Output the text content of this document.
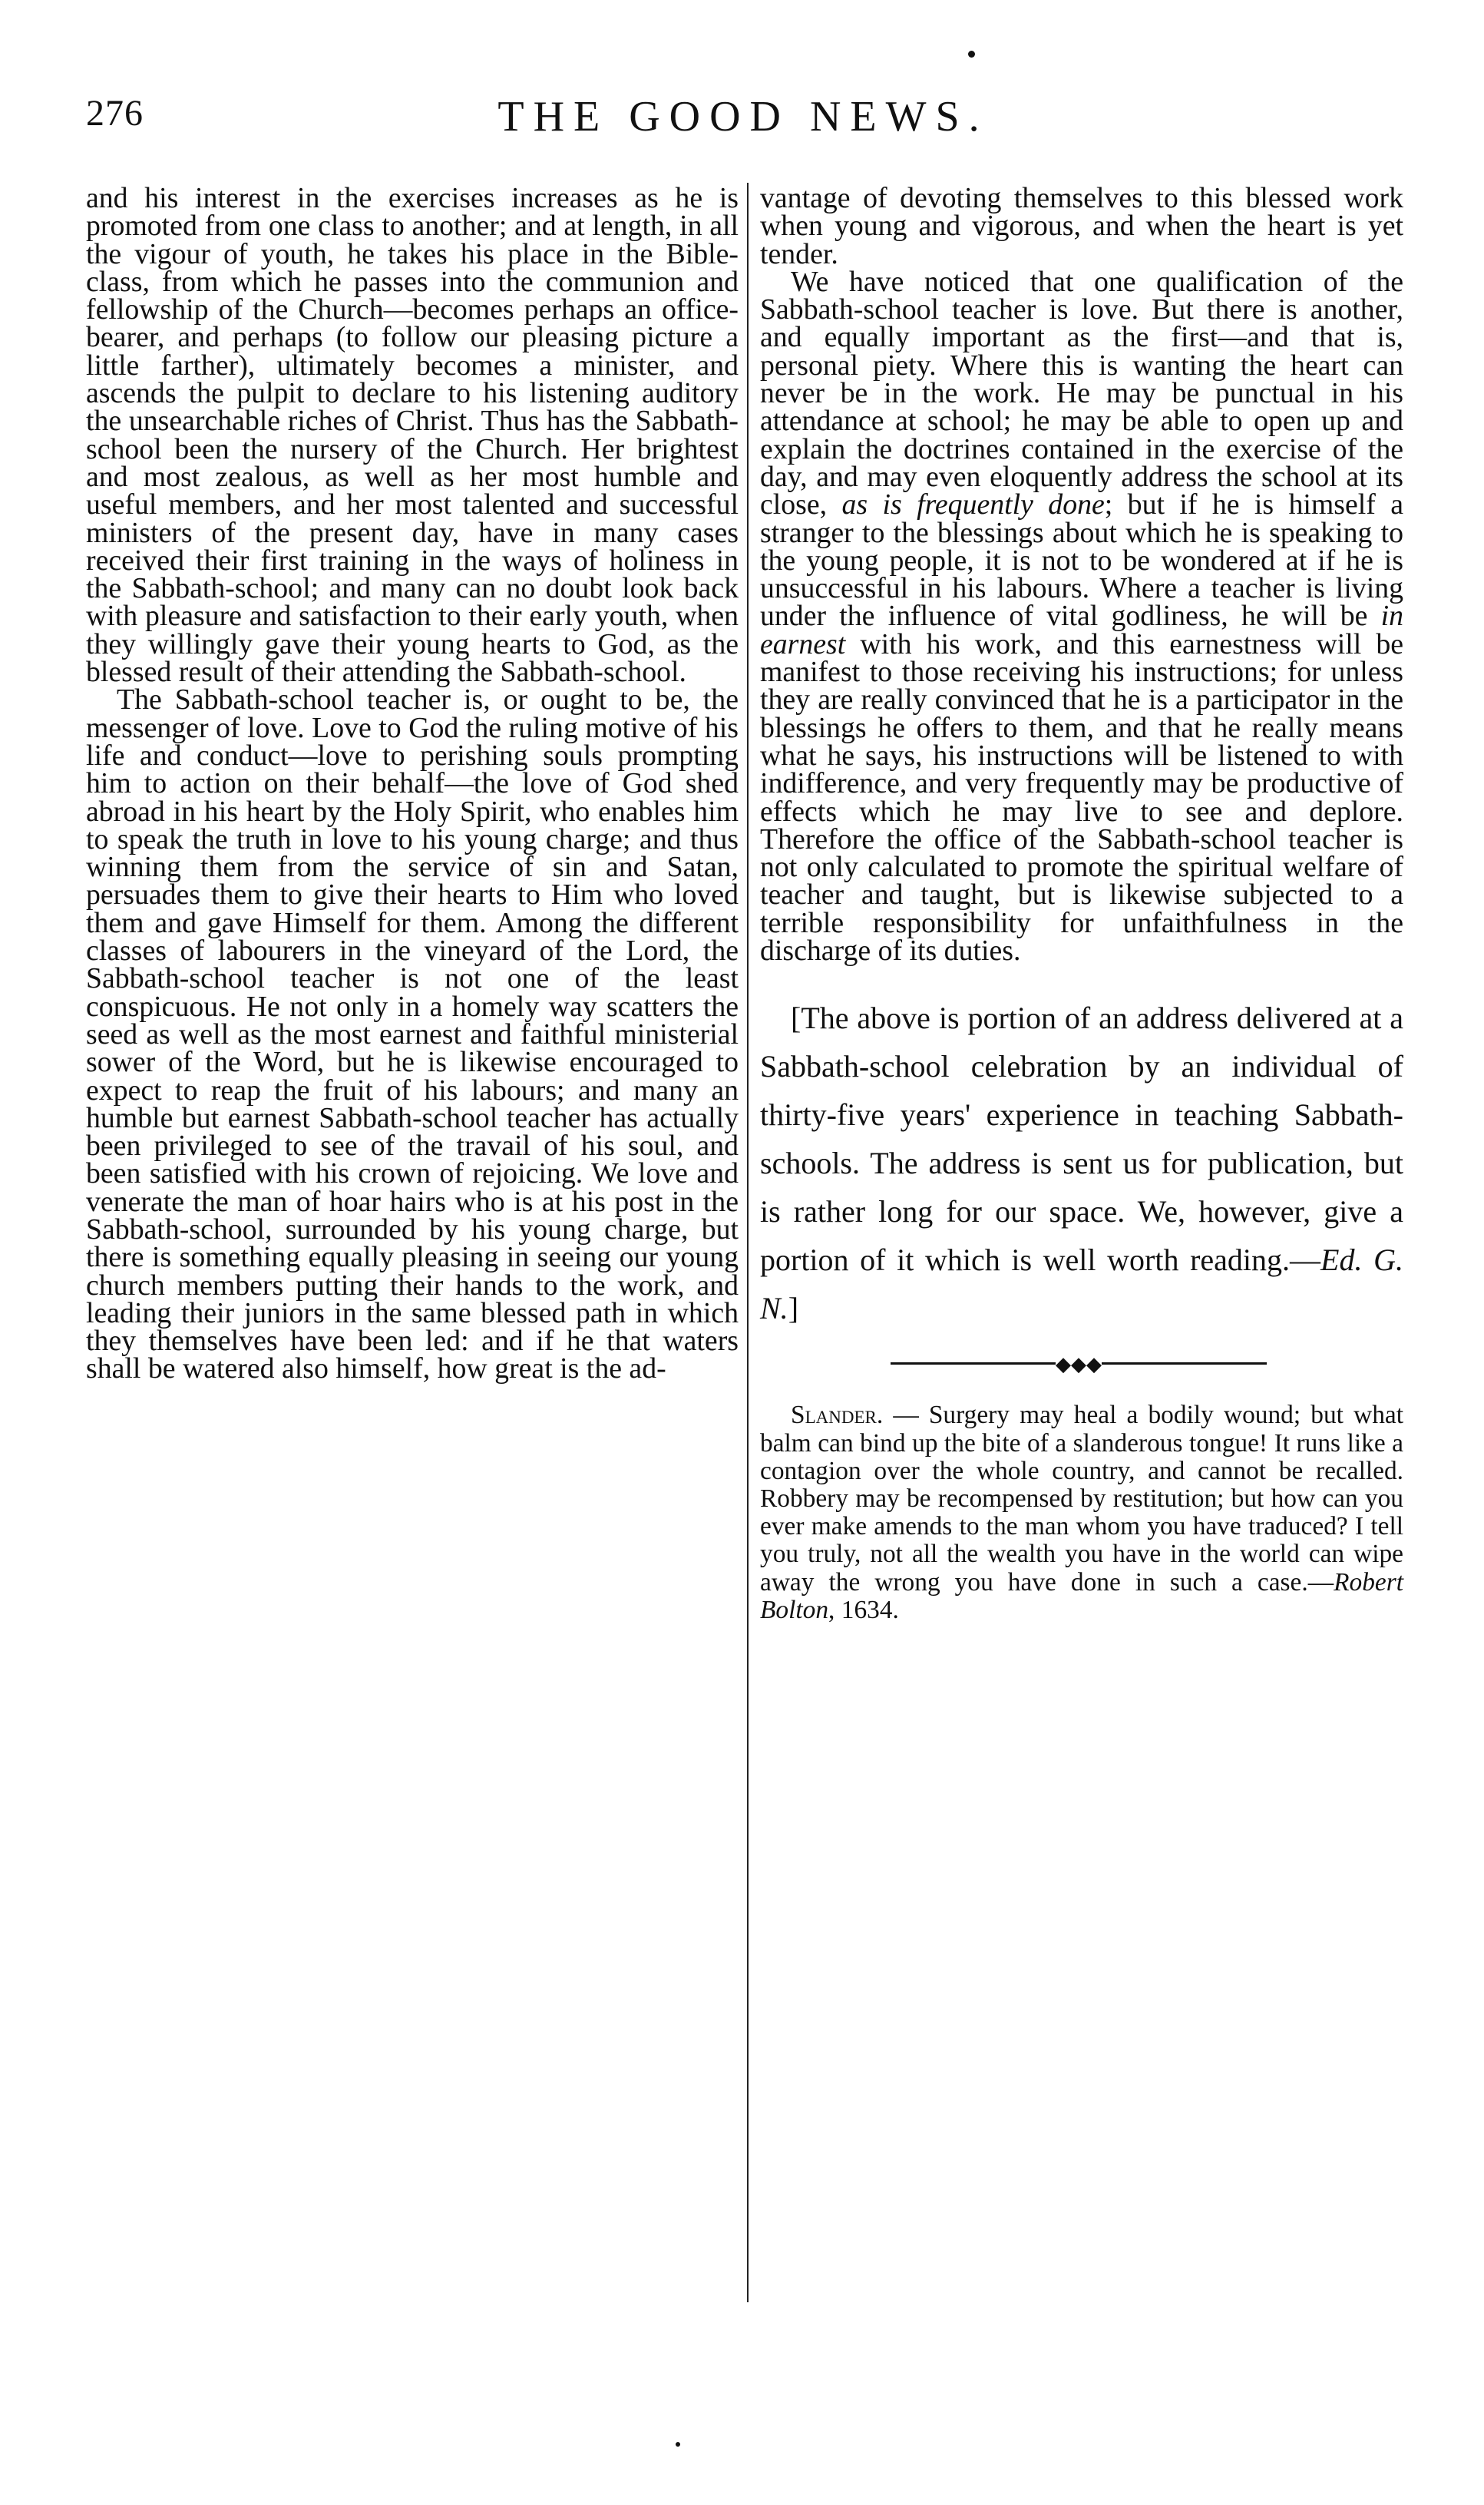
276	THE GOOD NEWS.

and his interest in the exercises increases as he is promoted from one class to another; and at length, in all the vigour of youth, he takes his place in the Bible-class, from which he passes into the communion and fellowship of the Church—becomes perhaps an office-bearer, and perhaps (to follow our pleasing picture a little farther), ultimately becomes a minister, and ascends the pulpit to declare to his listening auditory the unsearchable riches of Christ. Thus has the Sabbath-school been the nursery of the Church. Her brightest and most zealous, as well as her most humble and useful members, and her most talented and successful ministers of the present day, have in many cases received their first training in the ways of holiness in the Sabbath-school; and many can no doubt look back with pleasure and satisfaction to their early youth, when they willingly gave their young hearts to God, as the blessed result of their attending the Sabbath-school.

The Sabbath-school teacher is, or ought to be, the messenger of love. Love to God the ruling motive of his life and conduct—love to perishing souls prompting him to action on their behalf—the love of God shed abroad in his heart by the Holy Spirit, who enables him to speak the truth in love to his young charge; and thus winning them from the service of sin and Satan, persuades them to give their hearts to Him who loved them and gave Himself for them. Among the different classes of labourers in the vineyard of the Lord, the Sabbath-school teacher is not one of the least conspicuous. He not only in a homely way scatters the seed as well as the most earnest and faithful ministerial sower of the Word, but he is likewise encouraged to expect to reap the fruit of his labours; and many an humble but earnest Sabbath-school teacher has actually been privileged to see of the travail of his soul, and been satisfied with his crown of rejoicing. We love and venerate the man of hoar hairs who is at his post in the Sabbath-school, surrounded by his young charge, but there is something equally pleasing in seeing our young church members putting their hands to the work, and leading their juniors in the same blessed path in which they themselves have been led: and if he that waters shall be watered also himself, how great is the ad-

vantage of devoting themselves to this blessed work when young and vigorous, and when the heart is yet tender.

We have noticed that one qualification of the Sabbath-school teacher is love. But there is another, and equally important as the first—and that is, personal piety. Where this is wanting the heart can never be in the work. He may be punctual in his attendance at school; he may be able to open up and explain the doctrines contained in the exercise of the day, and may even eloquently address the school at its close, as is frequently done; but if he is himself a stranger to the blessings about which he is speaking to the young people, it is not to be wondered at if he is unsuccessful in his labours. Where a teacher is living under the influence of vital godliness, he will be in earnest with his work, and this earnestness will be manifest to those receiving his instructions; for unless they are really convinced that he is a participator in the blessings he offers to them, and that he really means what he says, his instructions will be listened to with indifference, and very frequently may be productive of effects which he may live to see and deplore. Therefore the office of the Sabbath-school teacher is not only calculated to promote the spiritual welfare of teacher and taught, but is likewise subjected to a terrible responsibility for unfaithfulness in the discharge of its duties.

[The above is portion of an address delivered at a Sabbath-school celebration by an individual of thirty-five years' experience in teaching Sabbath-schools. The address is sent us for publication, but is rather long for our space. We, however, give a portion of it which is well worth reading.—Ed. G. N.]

◆◆◆

Slander. — Surgery may heal a bodily wound; but what balm can bind up the bite of a slanderous tongue! It runs like a contagion over the whole country, and cannot be recalled. Robbery may be recompensed by restitution; but how can you ever make amends to the man whom you have traduced? I tell you truly, not all the wealth you have in the world can wipe away the wrong you have done in such a case.—Robert Bolton, 1634.
